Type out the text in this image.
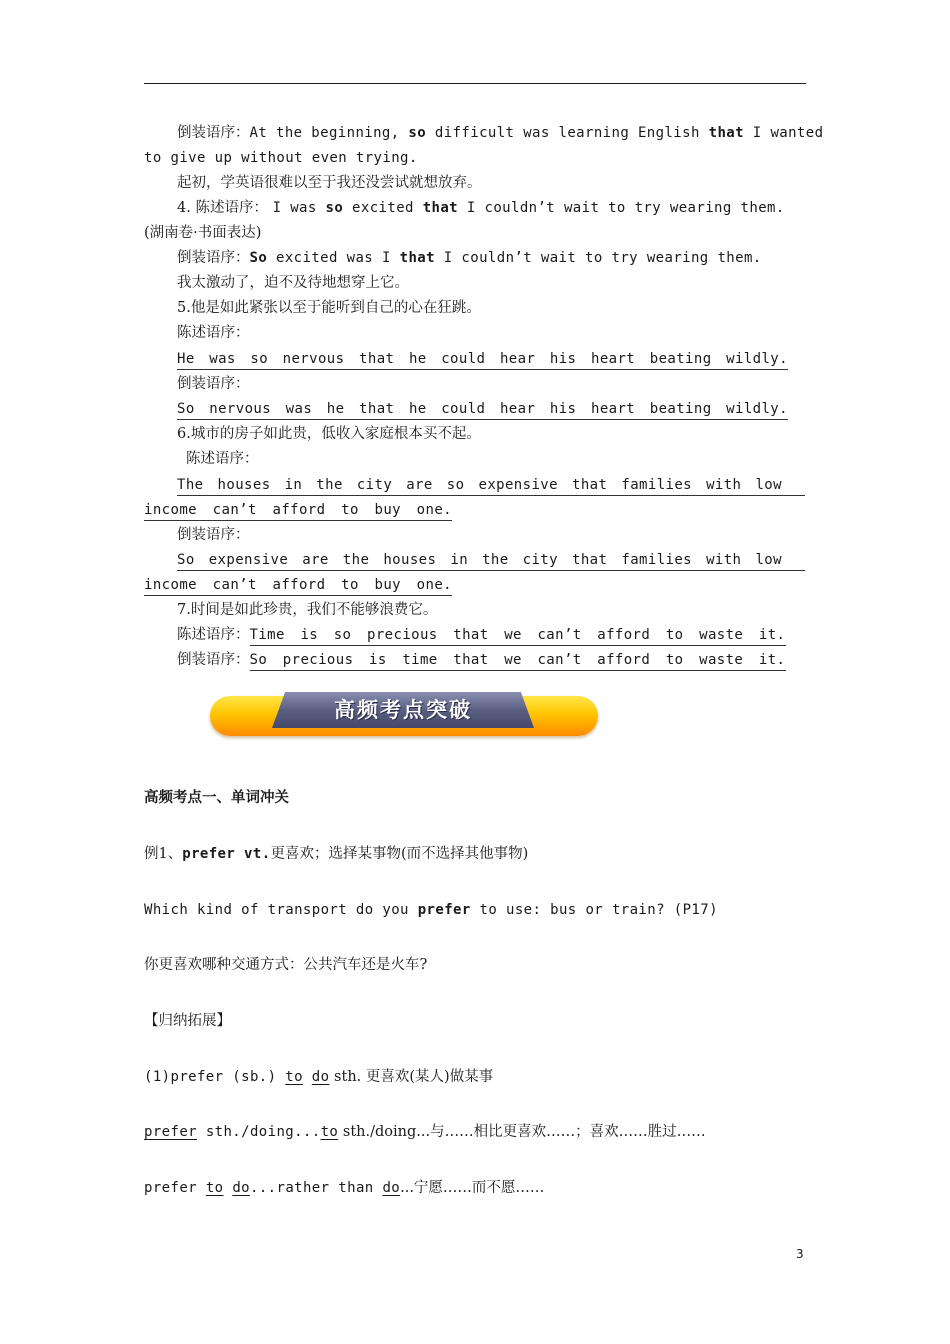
倒装语序：At the beginning, so difficult was learning English that I wanted
to give up without even trying.
起初，学英语很难以至于我还没尝试就想放弃。
4. 陈述语序： I was so excited that I couldn’t wait to try wearing them.
(湖南卷·书面表达)
倒装语序：So excited was I that I couldn’t wait to try wearing them.
我太激动了，迫不及待地想穿上它。
5.他是如此紧张以至于能听到自己的心在狂跳。
陈述语序：
He was so nervous that he could hear his heart beating wildly.
倒装语序：
So nervous was he that he could hear his heart beating wildly.
6.城市的房子如此贵，低收入家庭根本买不起。
陈述语序：
The houses in the city are so expensive that families with low

income can’t afford to buy one.
倒装语序：
So expensive are the houses in the city that families with low

income can’t afford to buy one.
7.时间是如此珍贵，我们不能够浪费它。
陈述语序： Time is so precious that we can’t afford to waste it.
倒装语序： So precious is time that we can’t afford to waste it.
高频考点突破
高频考点一、单词冲关
例1、prefer vt.更喜欢；选择某事物(而不选择其他事物)
Which kind of transport do you prefer to use: bus or train? (P17)
你更喜欢哪种交通方式：公共汽车还是火车?
【归纳拓展】
(1)prefer (sb.) to do sth. 更喜欢(某人)做某事
prefer sth./doing...to sth./doing...与……相比更喜欢……；喜欢……胜过……
prefer to do...rather than do...宁愿……而不愿……
3
